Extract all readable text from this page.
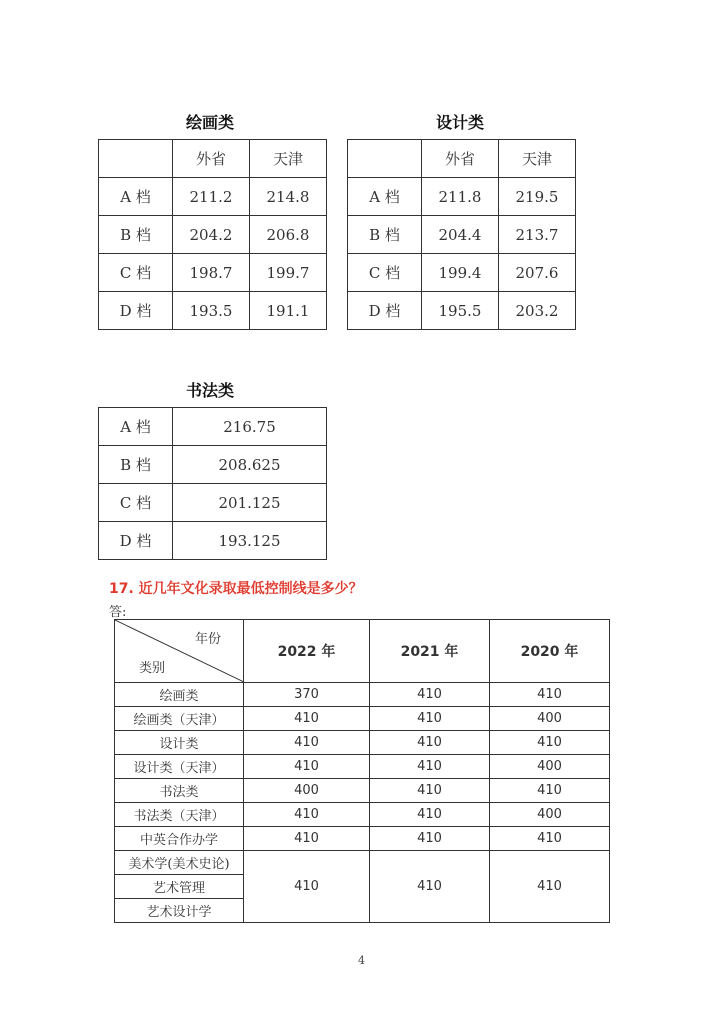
绘画类
	外省	天津
A 档	211.2	214.8
B 档	204.2	206.8
C 档	198.7	199.7
D 档	193.5	191.1
设计类
	外省	天津
A 档	211.8	219.5
B 档	204.4	213.7
C 档	199.4	207.6
D 档	195.5	203.2
书法类
A 档	216.75
B 档	208.625
C 档	201.125
D 档	193.125
17. 近几年文化录取最低控制线是多少？
答:
年份
类别	2022 年	2021 年	2020 年
绘画类	370	410	410
绘画类（天津）	410	410	400
设计类	410	410	410
设计类（天津）	410	410	400
书法类	400	410	410
书法类（天津）	410	410	400
中英合作办学	410	410	410
美术学(美术史论)	410	410	410
艺术管理			
艺术设计学			
4
